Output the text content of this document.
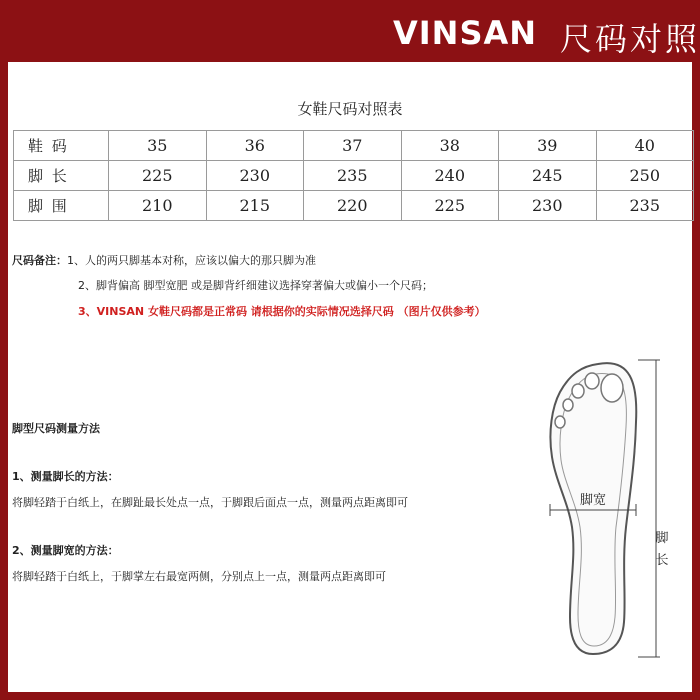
VINSAN 尺码对照
女鞋尺码对照表
鞋 码	35	36	37	38	39	40
脚 长	225	230	235	240	245	250
脚 围	210	215	220	225	230	235
尺码备注：1、人的两只脚基本对称，应该以偏大的那只脚为准
2、脚背偏高 脚型宽肥 或是脚背纤细建议选择穿著偏大或偏小一个尺码；
3、VINSAN 女鞋尺码都是正常码 请根据你的实际情况选择尺码 （图片仅供参考）
脚型尺码测量方法
1、测量脚长的方法：
将脚轻踏于白纸上，在脚趾最长处点一点，于脚跟后面点一点，测量两点距离即可
2、测量脚宽的方法：
将脚轻踏于白纸上，于脚掌左右最宽两侧，分别点上一点，测量两点距离即可
脚宽
脚
长
